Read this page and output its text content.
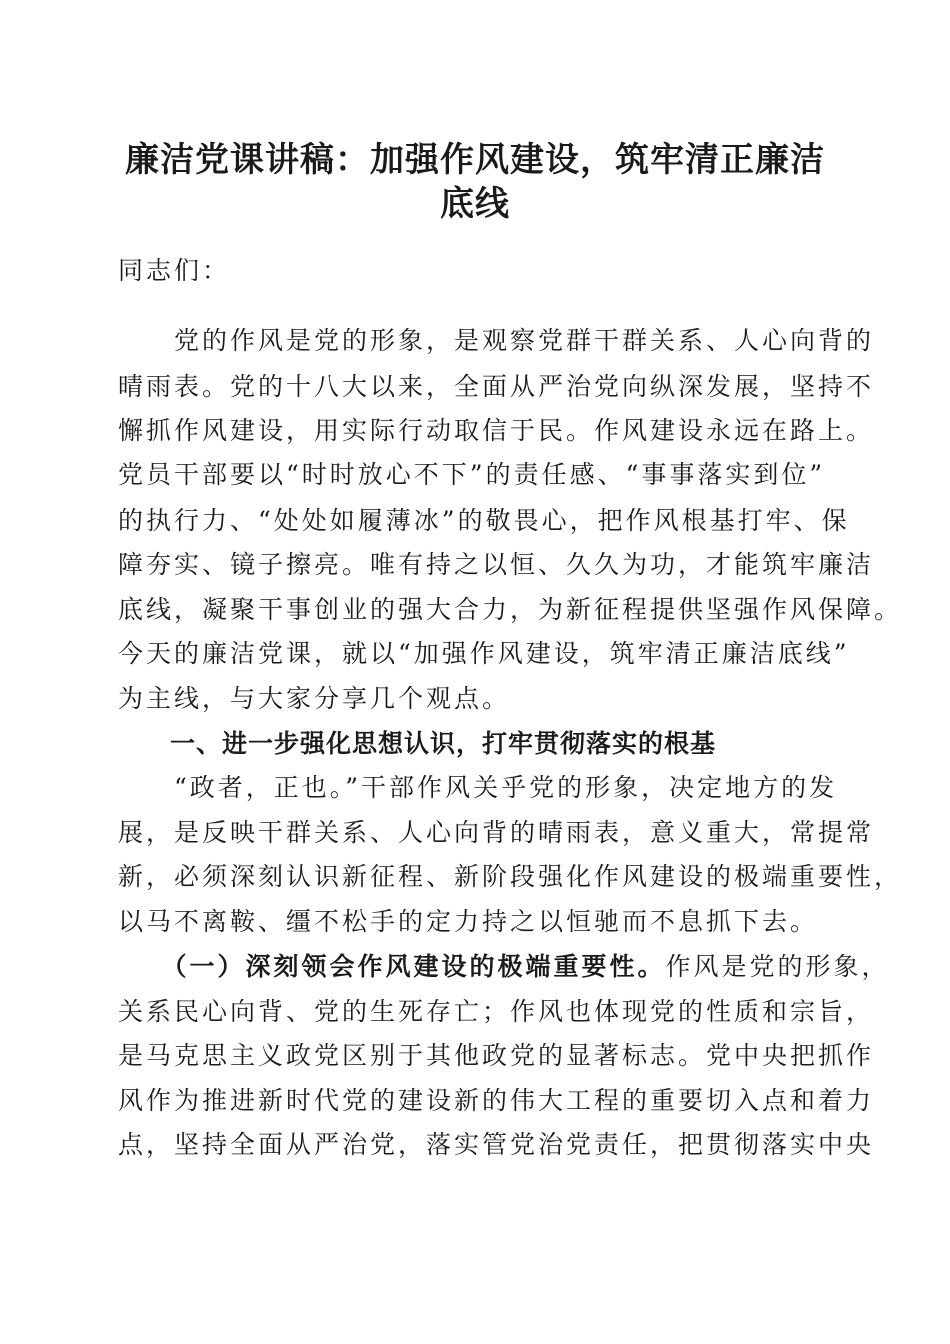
廉洁党课讲稿：加强作风建设，筑牢清正廉洁
底线
同志们：
　　党的作风是党的形象，是观察党群干群关系、人心向背的
晴雨表。党的十八大以来，全面从严治党向纵深发展，坚持不
懈抓作风建设，用实际行动取信于民。作风建设永远在路上。
党员干部要以“时时放心不下”的责任感、“事事落实到位”
的执行力、“处处如履薄冰”的敬畏心，把作风根基打牢、保
障夯实、镜子擦亮。唯有持之以恒、久久为功，才能筑牢廉洁
底线，凝聚干事创业的强大合力，为新征程提供坚强作风保障。
今天的廉洁党课，就以“加强作风建设，筑牢清正廉洁底线”
为主线，与大家分享几个观点。
　　一、进一步强化思想认识，打牢贯彻落实的根基
　　“政者，正也。”干部作风关乎党的形象，决定地方的发
展，是反映干群关系、人心向背的晴雨表，意义重大，常提常
新，必须深刻认识新征程、新阶段强化作风建设的极端重要性，
以马不离鞍、缰不松手的定力持之以恒驰而不息抓下去。
　　（一）深刻领会作风建设的极端重要性。作风是党的形象，
关系民心向背、党的生死存亡；作风也体现党的性质和宗旨，
是马克思主义政党区别于其他政党的显著标志。党中央把抓作
风作为推进新时代党的建设新的伟大工程的重要切入点和着力
点，坚持全面从严治党，落实管党治党责任，把贯彻落实中央
